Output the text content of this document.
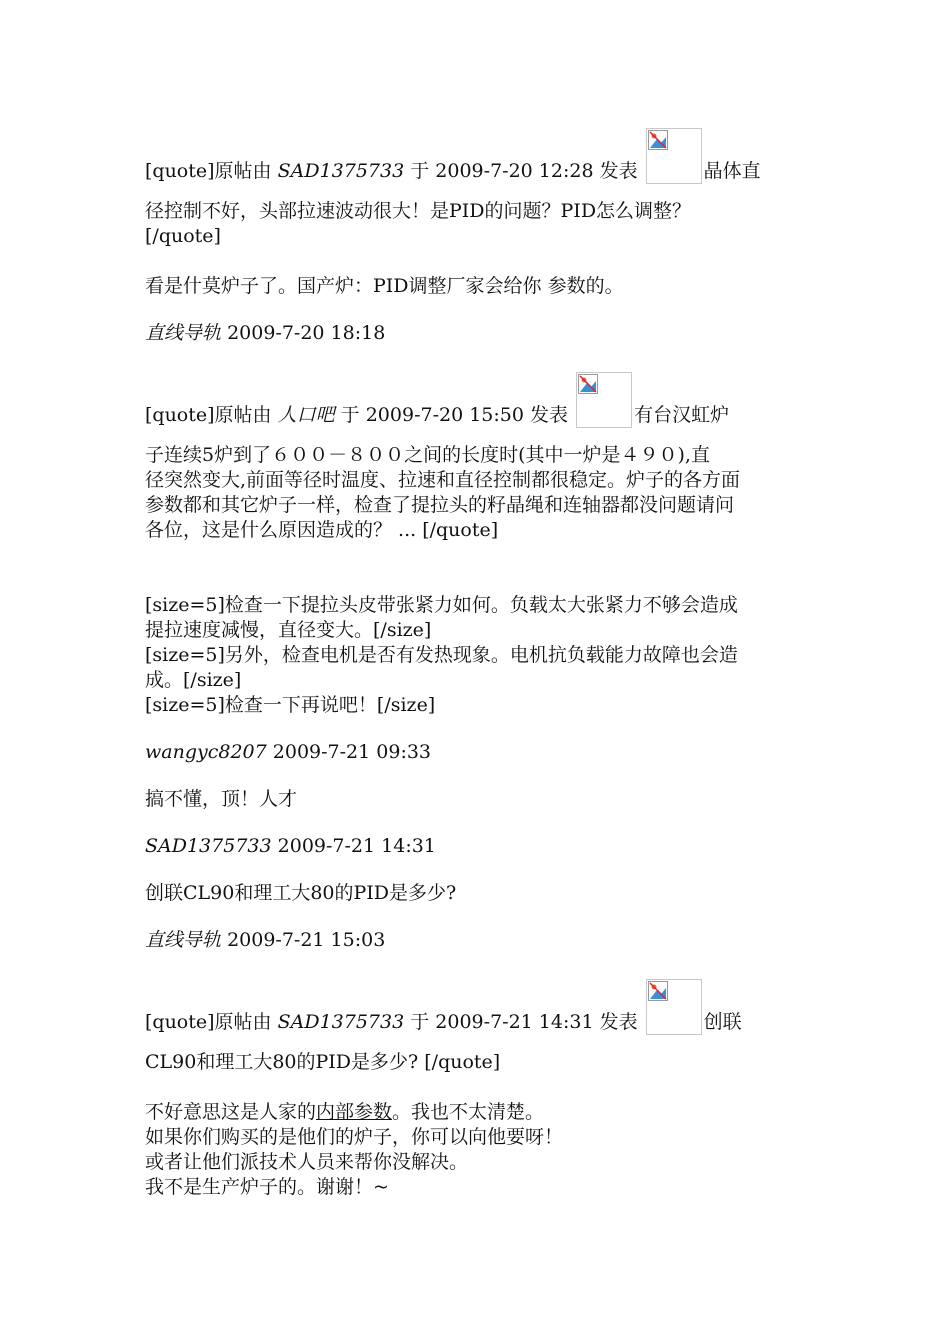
[quote]原帖由
SAD1375733
于
2009-7-20 12:28
发表
	晶体直
径控制不好，头部拉速波动很大！是PID的问题？PID怎么调整？
[/quote]
看是什莫炉子了。国产炉：PID调整厂家会给你 参数的。
直线导轨 2009-7-20 18:18
[quote]原帖由
人口吧
于
2009-7-20 15:50
发表
	有台汉虹炉
子连续5炉到了６００－８００之间的长度时(其中一炉是４９０),直
径突然变大,前面等径时温度、拉速和直径控制都很稳定。炉子的各方面
参数都和其它炉子一样，检查了提拉头的籽晶绳和连轴器都没问题请问
各位，这是什么原因造成的？ ... [/quote]
[size=5]检查一下提拉头皮带张紧力如何。负载太大张紧力不够会造成
提拉速度减慢，直径变大。[/size]
[size=5]另外，检查电机是否有发热现象。电机抗负载能力故障也会造
成。[/size]
[size=5]检查一下再说吧！[/size]
wangyc8207 2009-7-21 09:33
搞不懂，顶！人才
SAD1375733 2009-7-21 14:31
创联CL90和理工大80的PID是多少?
直线导轨 2009-7-21 15:03
[quote]原帖由
SAD1375733
于
2009-7-21 14:31
发表
	创联
CL90和理工大80的PID是多少? [/quote]
不好意思这是人家的内部参数。我也不太清楚。
如果你们购买的是他们的炉子，你可以向他要呀！
或者让他们派技术人员来帮你没解决。
我不是生产炉子的。谢谢！~
